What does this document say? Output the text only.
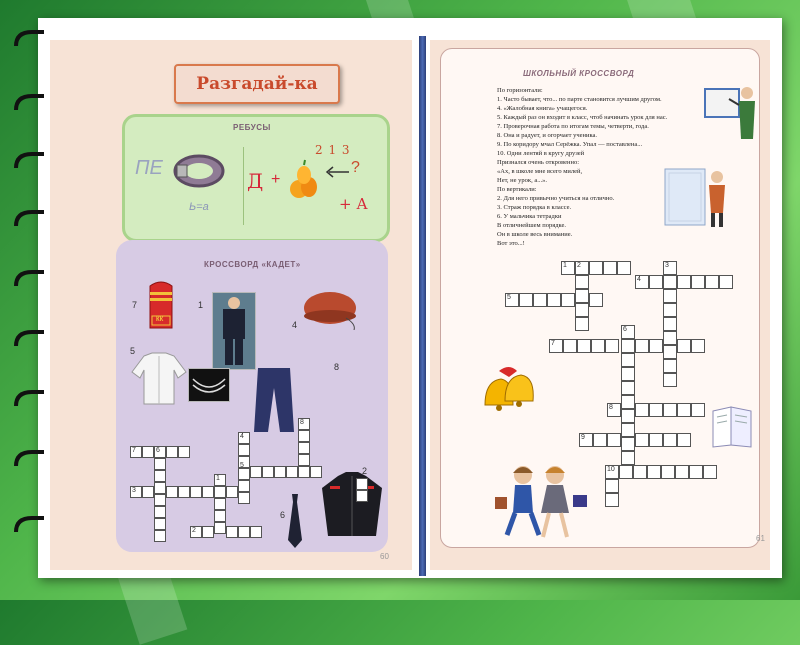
Разгадай-ка
РЕБУСЫ
ПЕ
Ь=а
Д +
2 1 3
?
+ А
КРОССВОРД «КАДЕТ»
7
КК
1
4
5
8
2
6
8
4
7	6
5
1
3
2
60
ШКОЛЬНЫЙ КРОССВОРД
По горизонтали:
1. Часто бывает, что... по парте становится лучшим другом.
4. «Жалобная книга» учащегося.
5. Каждый раз он входит в класс, чтоб начинать урок для нас.
7. Проверочная работа по итогам темы, четверти, года.
8. Она и радует, и огорчает ученика.
9. По коридору мчал Серёжка. Упал — поставлена...
10. Одни лентяй в кругу друзей
Признался очень откровенно:
«Ах, в школе мне всего милей,
Нет, не урок, а...».
По вертикали:
2. Для него привычно учиться на отлично.
3. Страж порядка в классе.
6. У мальчика тетрадки
В отличнейшем порядке.
Он в школе весь внимание.
Вот это...!
1 2	3
4
5
6
7
8
9
10
61
